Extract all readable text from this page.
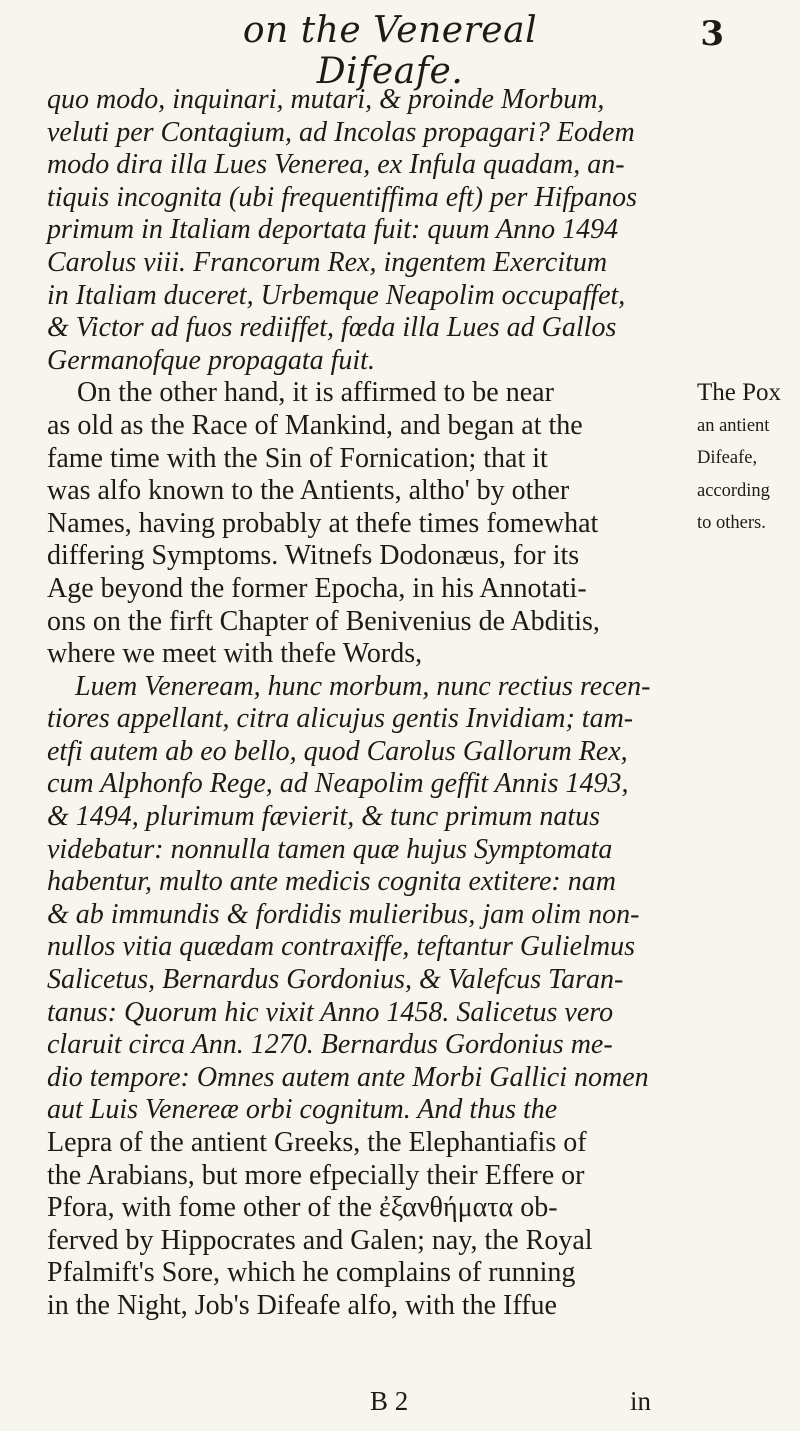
on the Venereal Difeafe.
3
quo modo, inquinari, mutari, & proinde Morbum,
veluti per Contagium, ad Incolas propagari? Eodem
modo dira illa Lues Venerea, ex Infula quadam, an-
tiquis incognita (ubi frequentiffima eft) per Hifpanos
primum in Italiam deportata fuit: quum Anno 1494
Carolus viii. Francorum Rex, ingentem Exercitum
in Italiam duceret, Urbemque Neapolim occupaffet,
& Victor ad fuos rediiffet, fœda illa Lues ad Gallos
Germanofque propagata fuit.
On the other hand, it is affirmed to be near
as old as the Race of Mankind, and began at the
fame time with the Sin of Fornication; that it
was alfo known to the Antients, altho' by other
Names, having probably at thefe times fomewhat
differing Symptoms. Witnefs Dodonæus, for its
Age beyond the former Epocha, in his Annotati-
ons on the firft Chapter of Benivenius de Abditis,
where we meet with thefe Words,
Luem Veneream, hunc morbum, nunc rectius recen-
tiores appellant, citra alicujus gentis Invidiam; tam-
etfi autem ab eo bello, quod Carolus Gallorum Rex,
cum Alphonfo Rege, ad Neapolim geffit Annis 1493,
& 1494, plurimum fævierit, & tunc primum natus
videbatur: nonnulla tamen quæ hujus Symptomata
habentur, multo ante medicis cognita extitere: nam
& ab immundis & fordidis mulieribus, jam olim non-
nullos vitia quædam contraxiffe, teftantur Gulielmus
Salicetus, Bernardus Gordonius, & Valefcus Taran-
tanus: Quorum hic vixit Anno 1458. Salicetus vero
claruit circa Ann. 1270. Bernardus Gordonius me-
dio tempore: Omnes autem ante Morbi Gallici nomen
aut Luis Venereæ orbi cognitum. And thus the
Lepra of the antient Greeks, the Elephantiafis of
the Arabians, but more efpecially their Effere or
Pfora, with fome other of the ἐξανθήματα ob-
ferved by Hippocrates and Galen; nay, the Royal
Pfalmift's Sore, which he complains of running
in the Night, Job's Difeafe alfo, with the Iffue
The Pox
an antient
Difeafe,
according
to others.
B 2	in
